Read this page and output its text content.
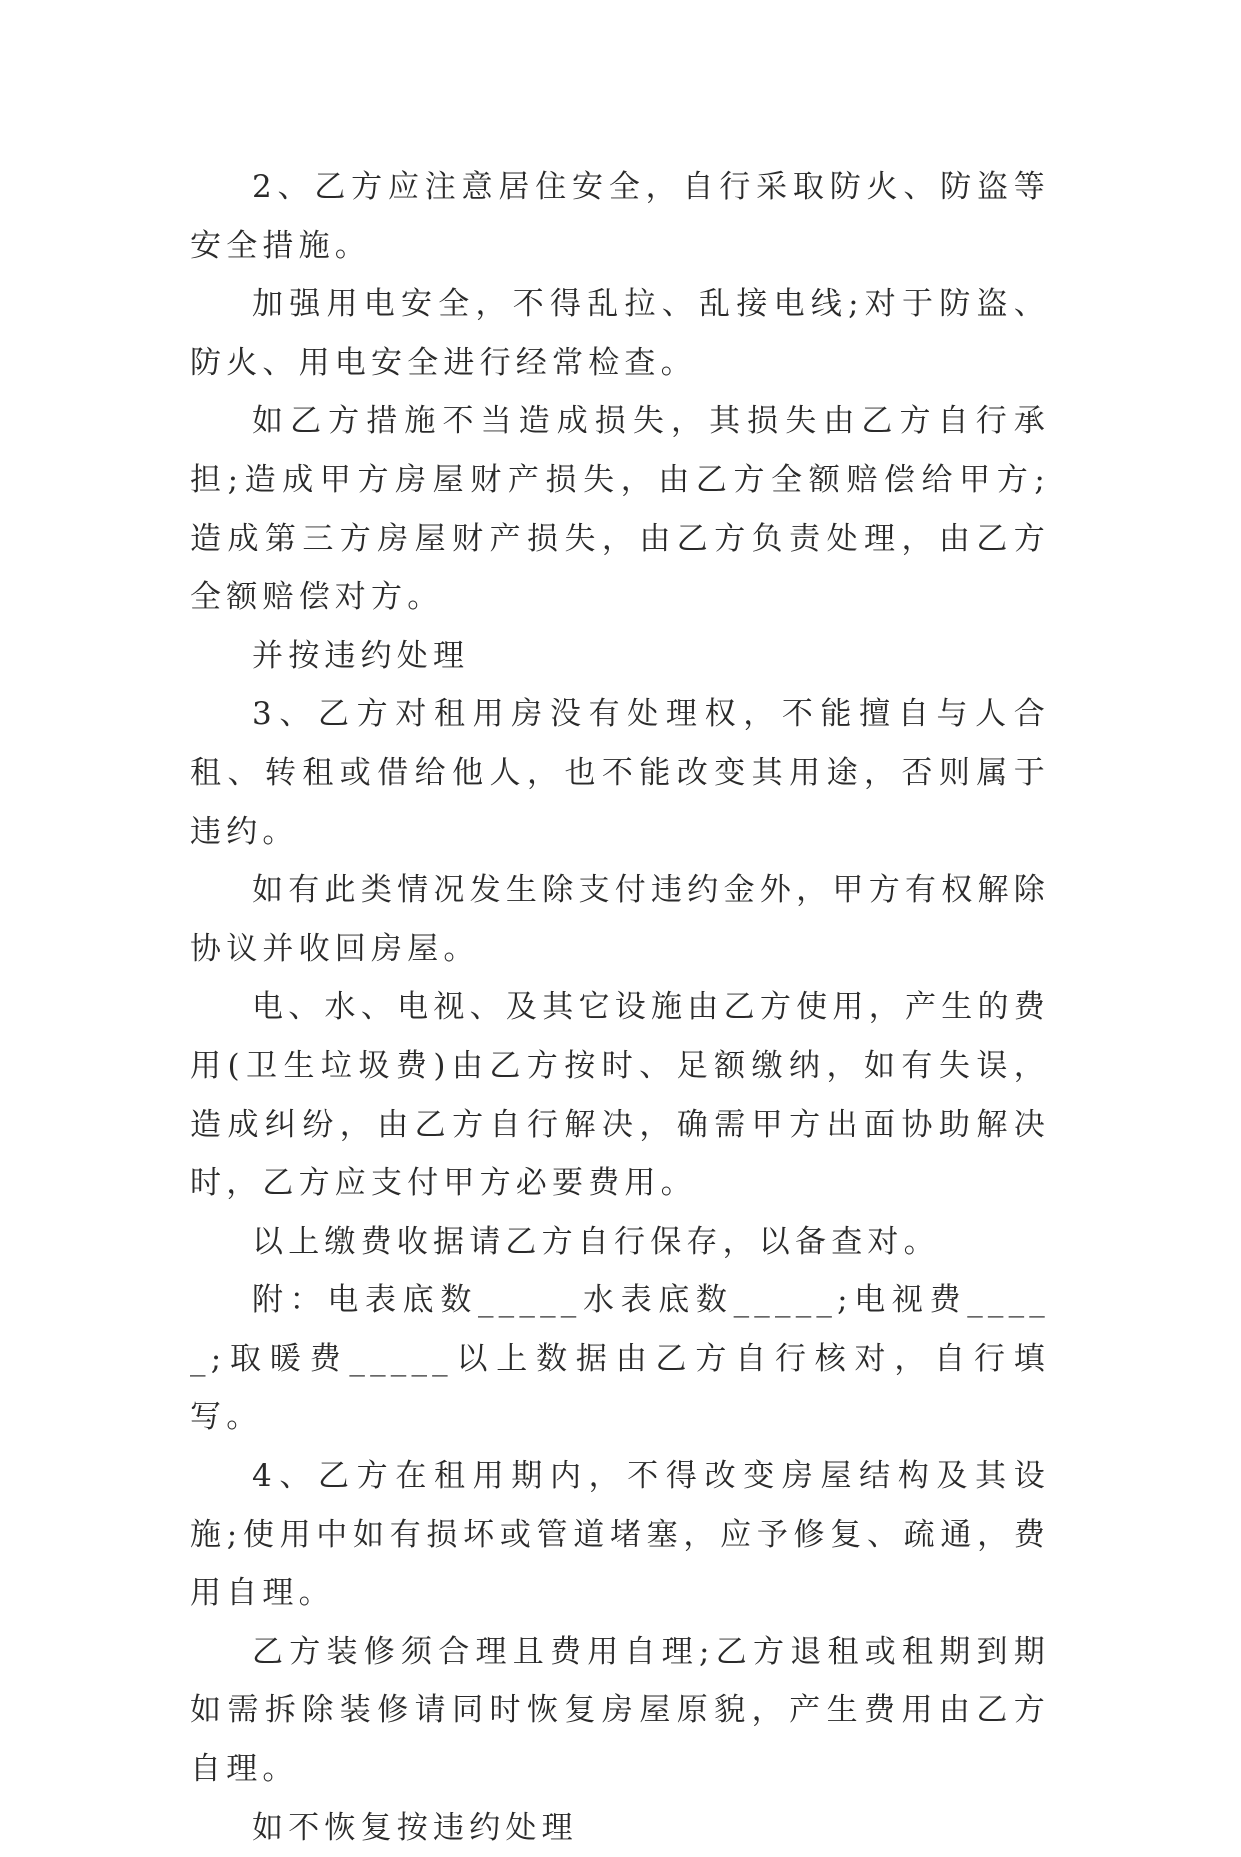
2、乙方应注意居住安全，自行采取防火、防盗等安全措施。

加强用电安全，不得乱拉、乱接电线;对于防盗、防火、用电安全进行经常检查。

如乙方措施不当造成损失，其损失由乙方自行承担;造成甲方房屋财产损失，由乙方全额赔偿给甲方;造成第三方房屋财产损失，由乙方负责处理，由乙方全额赔偿对方。

并按违约处理

3、乙方对租用房没有处理权，不能擅自与人合租、转租或借给他人，也不能改变其用途，否则属于违约。

如有此类情况发生除支付违约金外，甲方有权解除协议并收回房屋。

电、水、电视、及其它设施由乙方使用，产生的费用(卫生垃圾费)由乙方按时、足额缴纳，如有失误，造成纠纷，由乙方自行解决，确需甲方出面协助解决时，乙方应支付甲方必要费用。

以上缴费收据请乙方自行保存，以备查对。

附：电表底数_____水表底数_____;电视费_____;取暖费_____以上数据由乙方自行核对，自行填写。

4、乙方在租用期内，不得改变房屋结构及其设施;使用中如有损坏或管道堵塞，应予修复、疏通，费用自理。

乙方装修须合理且费用自理;乙方退租或租期到期如需拆除装修请同时恢复房屋原貌，产生费用由乙方自理。

如不恢复按违约处理
